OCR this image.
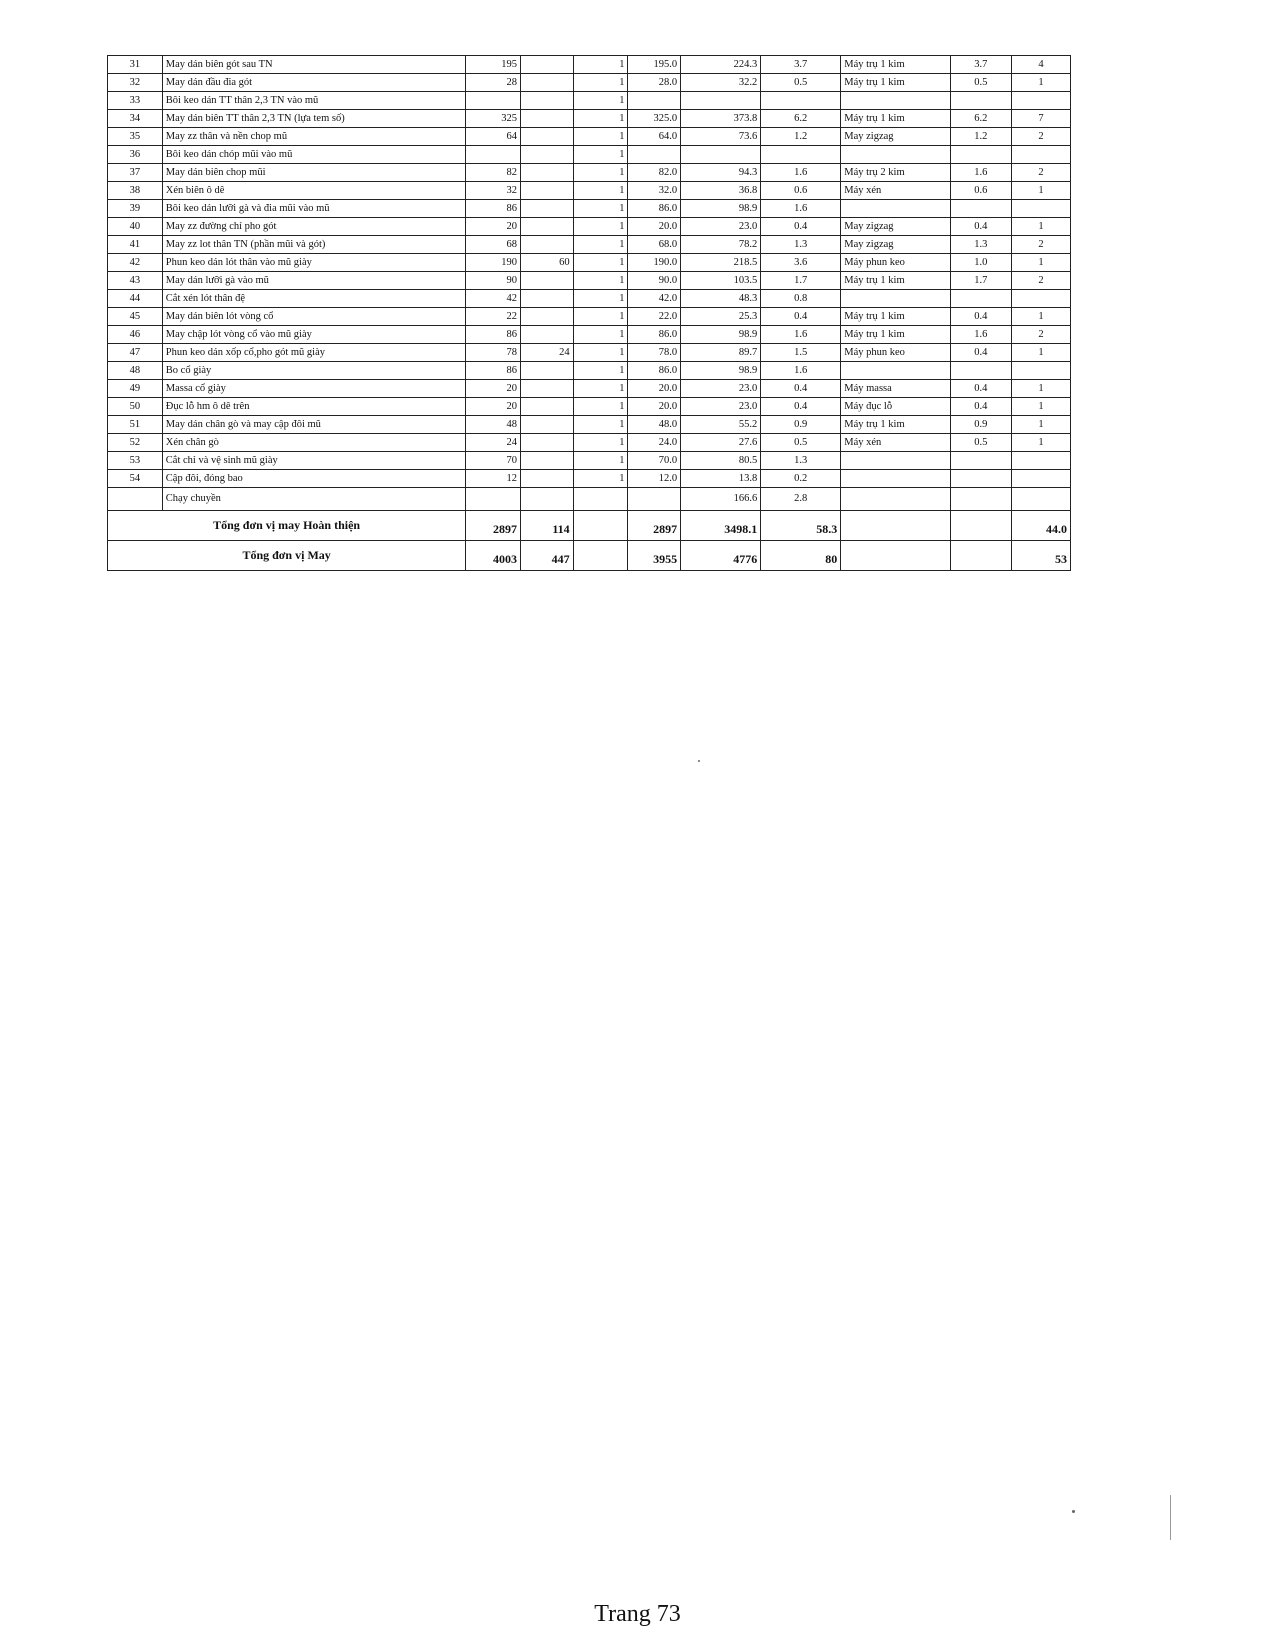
31	May dán biên gót sau TN	195		1	195.0	224.3	3.7	Máy trụ 1 kim	3.7	4
32	May dán đầu đia gót	28		1	28.0	32.2	0.5	Máy trụ 1 kim	0.5	1
33	Bôi keo dán TT thân 2,3 TN vào mũ			1						
34	May dán biên TT thân 2,3 TN (lựa tem số)	325		1	325.0	373.8	6.2	Máy trụ 1 kim	6.2	7
35	May zz thân và nền chop mũ	64		1	64.0	73.6	1.2	May zigzag	1.2	2
36	Bôi keo dán chóp mũi vào mũ			1						
37	May dán biên chop mũi	82		1	82.0	94.3	1.6	Máy trụ 2 kim	1.6	2
38	Xén biên ô dê	32		1	32.0	36.8	0.6	Máy xén	0.6	1
39	Bôi keo dán lưỡi gà và đia mũi vào mũ	86		1	86.0	98.9	1.6			
40	May zz đường chỉ pho gót	20		1	20.0	23.0	0.4	May zigzag	0.4	1
41	May zz lot thân TN (phần mũi và gót)	68		1	68.0	78.2	1.3	May zigzag	1.3	2
42	Phun keo dán lót thân vào mũ giày	190	60	1	190.0	218.5	3.6	Máy phun keo	1.0	1
43	May dán lưỡi gà vào mũ	90		1	90.0	103.5	1.7	Máy trụ 1 kim	1.7	2
44	Cắt xén lót thân đệ	42		1	42.0	48.3	0.8			
45	May dán biên lót vòng cổ	22		1	22.0	25.3	0.4	Máy trụ 1 kim	0.4	1
46	May chập lót vòng cổ vào mũ giày	86		1	86.0	98.9	1.6	Máy trụ 1 kim	1.6	2
47	Phun keo dán xốp cổ,pho gót mũ giày	78	24	1	78.0	89.7	1.5	Máy phun keo	0.4	1
48	Bo cổ giày	86		1	86.0	98.9	1.6			
49	Massa cổ giày	20		1	20.0	23.0	0.4	Máy massa	0.4	1
50	Đục lỗ hm ô dê trên	20		1	20.0	23.0	0.4	Máy đục lỗ	0.4	1
51	May dán chân gò và may cập đôi mũ	48		1	48.0	55.2	0.9	Máy trụ 1 kim	0.9	1
52	Xén chân gò	24		1	24.0	27.6	0.5	Máy xén	0.5	1
53	Cắt chỉ và vệ sinh mũ giày	70		1	70.0	80.5	1.3			
54	Cập đôi, đóng bao	12		1	12.0	13.8	0.2			
	Chạy chuyền					166.6	2.8			
Tổng đơn vị may Hoàn thiện		2897	114		2897	3498.1	58.3			44.0
Tổng đơn vị May		4003	447		3955	4776	80			53
Trang 73
